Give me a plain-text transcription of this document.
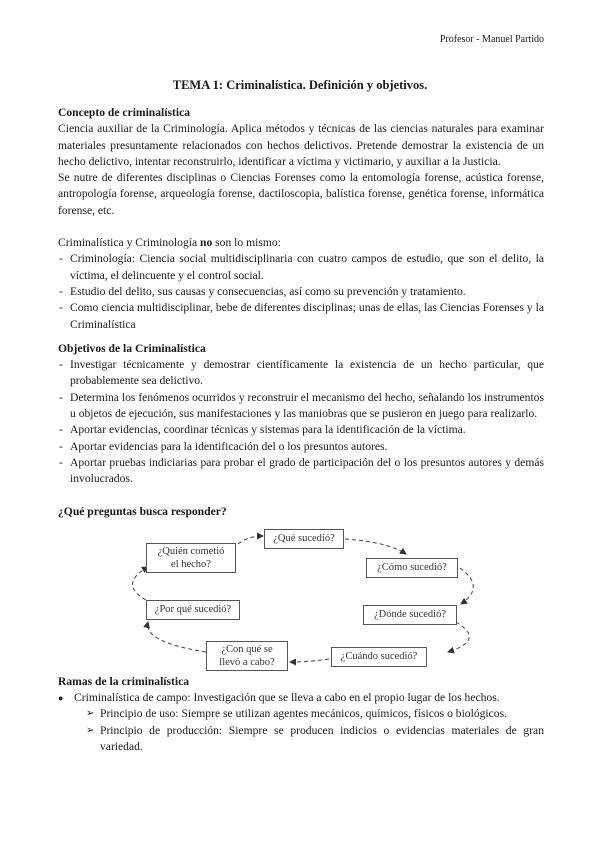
Profesor - Manuel Partido
TEMA 1: Criminalística. Definición y objetivos.

Concepto de criminalística

Ciencia auxiliar de la Criminología. Aplica métodos y técnicas de las ciencias naturales para examinar materiales presuntamente relacionados con hechos delictivos. Pretende demostrar la existencia de un hecho delictivo, intentar reconstruirlo, identificar a víctima y victimario, y auxiliar a la Justicia.

Se nutre de diferentes disciplinas o Ciencias Forenses como la entomología forense, acústica forense, antropología forense, arqueología forense, dactiloscopia, balística forense, genética forense, informática forense, etc.

Criminalística y Criminología no son lo mismo:

- Criminología: Ciencia social multidisciplinaria con cuatro campos de estudio, que son el delito, la víctima, el delincuente y el control social.
- Estudio del delito, sus causas y consecuencias, así como su prevención y tratamiento.
- Como ciencia multidisciplinar, bebe de diferentes disciplinas; unas de ellas, las Ciencias Forenses y la Criminalística

Objetivos de la Criminalística

- Investigar técnicamente y demostrar científicamente la existencia de un hecho particular, que probablemente sea delictivo.
- Determina los fenómenos ocurridos y reconstruir el mecanismo del hecho, señalando los instrumentos u objetos de ejecución, sus manifestaciones y las maniobras que se pusieron en juego para realizarlo.
- Aportar evidencias, coordinar técnicas y sistemas para la identificación de la víctima.
- Aportar evidencias para la identificación del o los presuntos autores.
- Aportar pruebas indiciarias para probar el grado de participación del o los presuntos autores y demás involucrados.

¿Qué preguntas busca responder?

¿Qué sucedió?
¿Cómo sucedió?
¿Dónde sucedió?
¿Cuándo sucedió?
¿Con qué se
llevó a cabo?
¿Por qué sucedió?
¿Quién cometió
el hecho?

Ramas de la criminalística

● Criminalística de campo: Investigación que se lleva a cabo en el propio lugar de los hechos.
➢ Principio de uso: Siempre se utilizan agentes mecánicos, químicos, físicos o biológicos.
➢ Principio de producción: Siempre se producen indicios o evidencias materiales de gran variedad.
